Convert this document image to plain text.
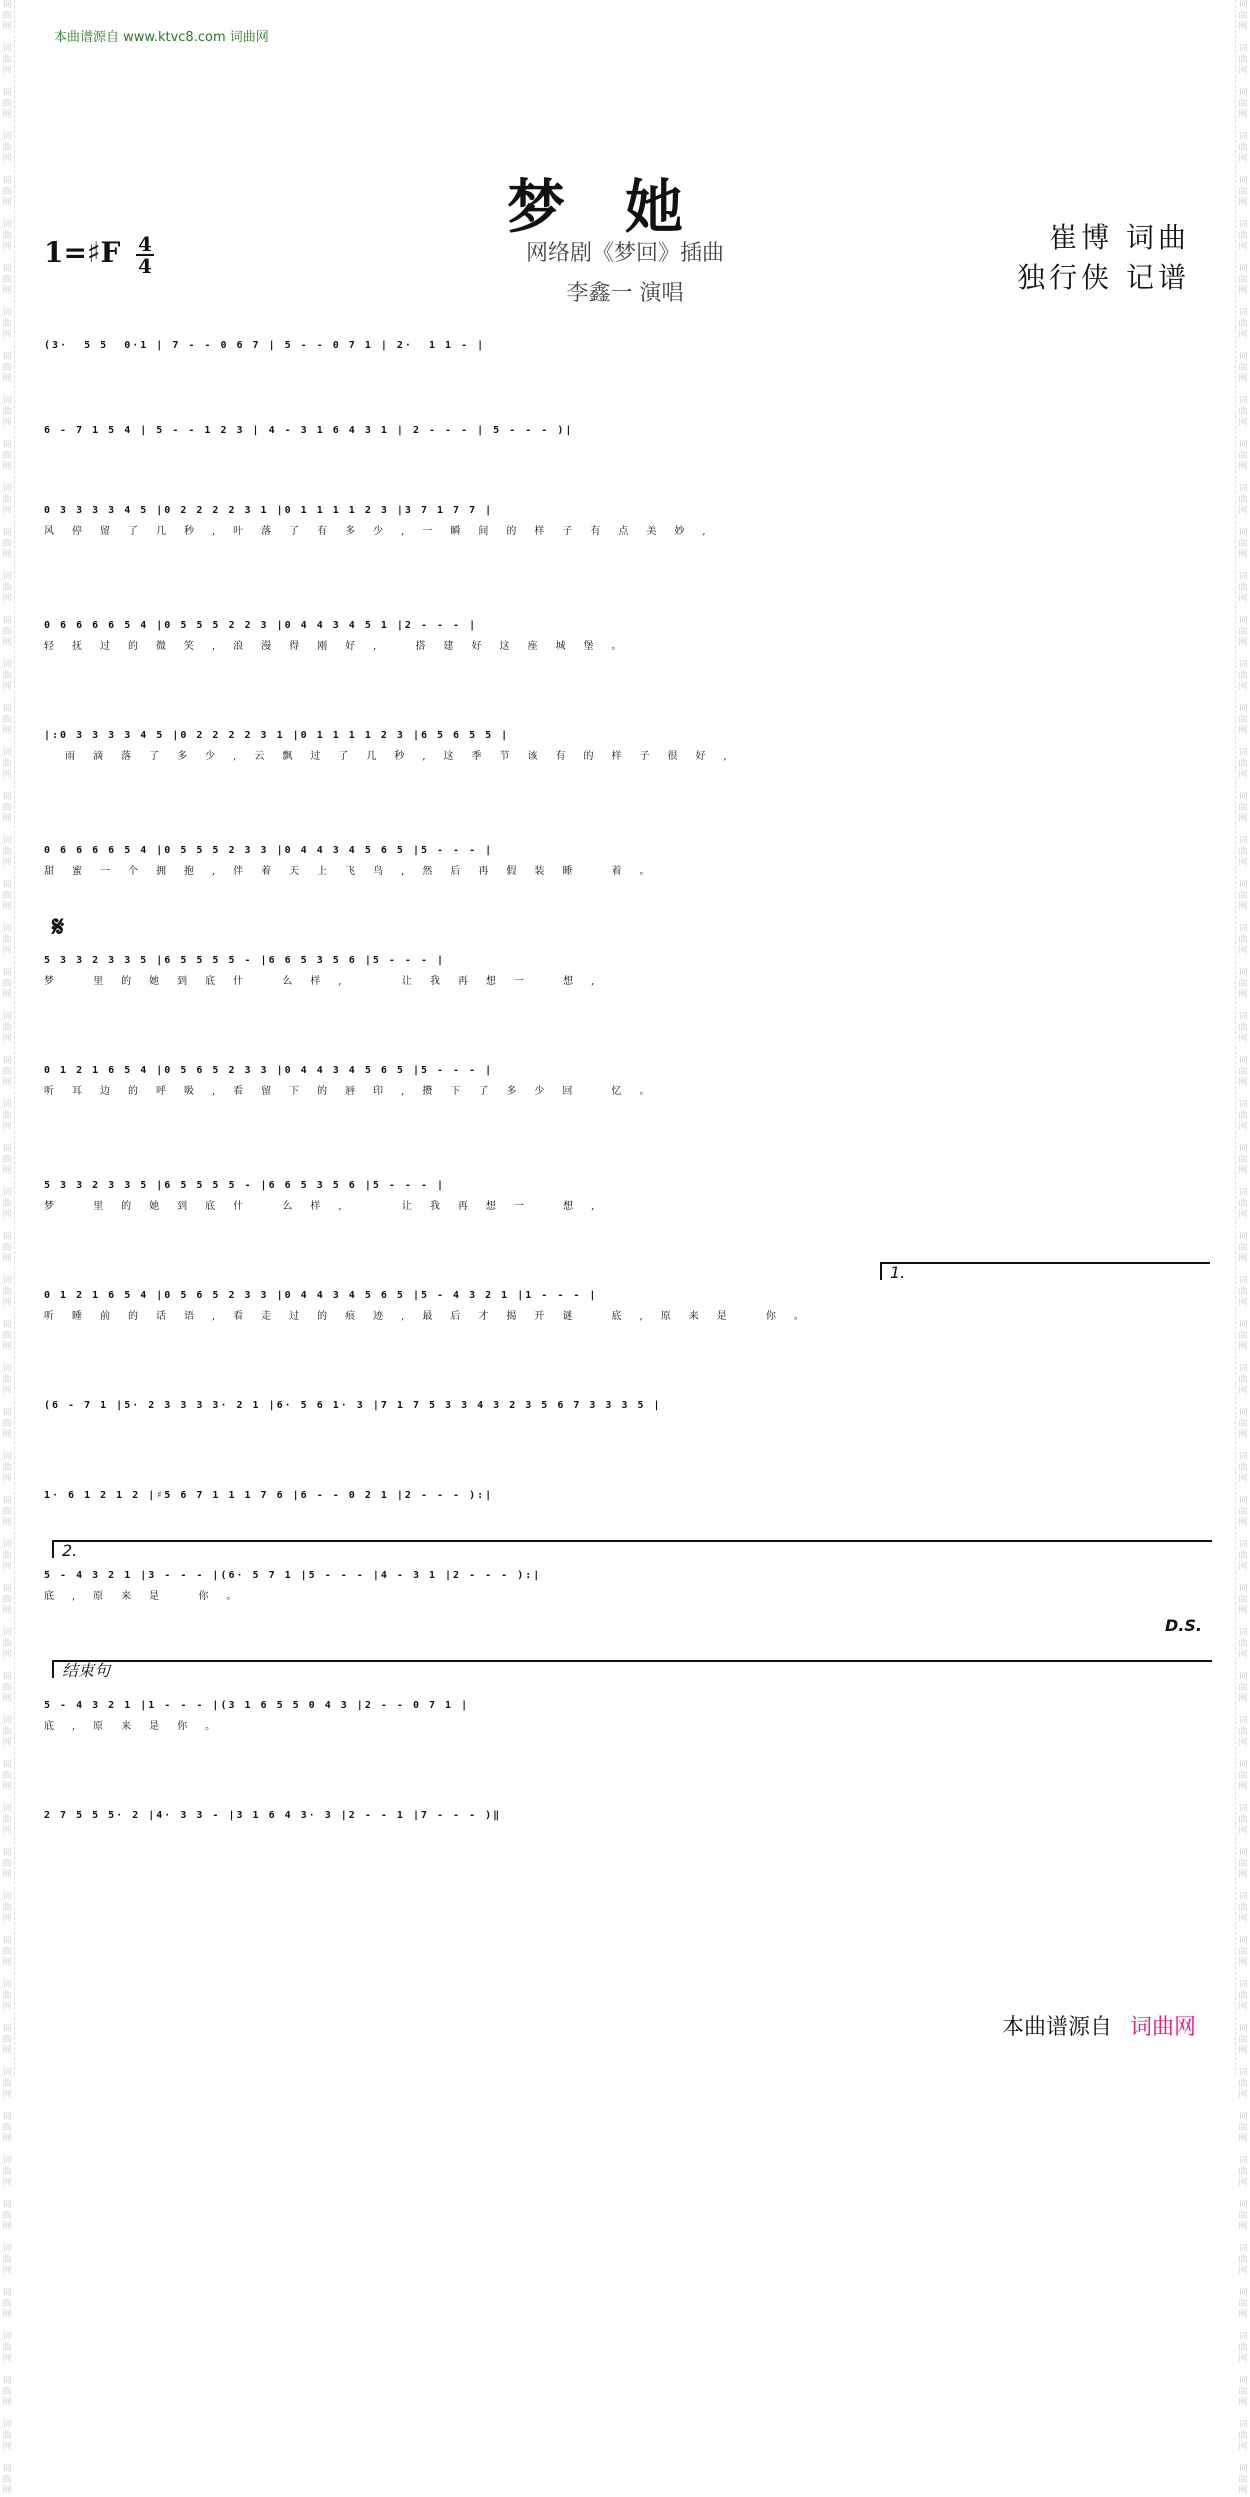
词
曲
网

词
曲
网

词
曲
网

词
曲
网

词
曲
网

词
曲
网

词
曲
网

词
曲
网

词
曲
网

词
曲
网

词
曲
网

词
曲
网

词
曲
网

词
曲
网

词
曲
网

词
曲
网

词
曲
网

词
曲
网

词
曲
网

词
曲
网

词
曲
网

词
曲
网

词
曲
网

词
曲
网

词
曲
网

词
曲
网

词
曲
网

词
曲
网

词
曲
网

词
曲
网

词
曲
网

词
曲
网

词
曲
网

词
曲
网

词
曲
网

词
曲
网

词
曲
网

词
曲
网

词
曲
网

词
曲
网

词
曲
网

词
曲
网

词
曲
网

词
曲
网

词
曲
网

词
曲
网

词
曲
网

词
曲
网

词
曲
网

词
曲
网

词
曲
网

词
曲
网

词
曲
网

词
曲
网

词
曲
网

词
曲
网

词
曲
网
词
曲
网

词
曲
网

词
曲
网

词
曲
网

词
曲
网

词
曲
网

词
曲
网

词
曲
网

词
曲
网

词
曲
网

词
曲
网

词
曲
网

词
曲
网

词
曲
网

词
曲
网

词
曲
网

词
曲
网

词
曲
网

词
曲
网

词
曲
网

词
曲
网

词
曲
网

词
曲
网

词
曲
网

词
曲
网

词
曲
网

词
曲
网

词
曲
网

词
曲
网

词
曲
网

词
曲
网

词
曲
网

词
曲
网

词
曲
网

词
曲
网

词
曲
网

词
曲
网

词
曲
网

词
曲
网

词
曲
网

词
曲
网

词
曲
网

词
曲
网

词
曲
网

词
曲
网

词
曲
网

词
曲
网

词
曲
网

词
曲
网

词
曲
网

词
曲
网

词
曲
网

词
曲
网

词
曲
网

词
曲
网

词
曲
网

词
曲
网
本曲谱源自 www.ktvc8.com 词曲网
梦她
网络剧《梦回》插曲
李鑫一 演唱
崔博 词曲
独行侠 记谱
1=♯F 4
4
(3·  5 5  0·1 | 7 - - 0 6 7 | 5 - - 0 7 1 | 2·  1 1 - |
6 - 7 1 5 4 | 5 - - 1 2 3 | 4 - 3 1 6 4 3 1 | 2 - - - | 5 - - - )|
0 3 3 3 3 4 5 |0 2 2 2 2 3 1 |0 1 1 1 1 2 3 |3 7 1 7 7 |
风停留了几秒,叶落了有多少,一瞬间的样子有点美妙,
0 6 6 6 6 5 4 |0 5 5 5 2 2 3 |0 4 4 3 4 5 1 |2 - - - |
轻抚过的微笑,浪漫得刚好, 搭建好这座城堡。
|:0 3 3 3 3 4 5 |0 2 2 2 2 3 1 |0 1 1 1 1 2 3 |6 5 6 5 5 |
雨滴落了多少,云飘过了几秒,这季节该有的样子很好,
0 6 6 6 6 5 4 |0 5 5 5 2 3 3 |0 4 4 3 4 5 6 5 |5 - - - |
甜蜜一个拥抱,伴着天上飞鸟,然后再假装睡 着。
5 3 3 2 3 3 5 |6 5 5 5 5 - |6 6 5 3 5 6 |5 - - - |
梦 里的她到底什 么样,  让我再想一 想,
0 1 2 1 6 5 4 |0 5 6 5 2 3 3 |0 4 4 3 4 5 6 5 |5 - - - |
听耳边的呼吸,看留下的唇印,攒下了多少回 忆。
5 3 3 2 3 3 5 |6 5 5 5 5 - |6 6 5 3 5 6 |5 - - - |
梦 里的她到底什 么样,  让我再想一 想,
0 1 2 1 6 5 4 |0 5 6 5 2 3 3 |0 4 4 3 4 5 6 5 |5 - 4 3 2 1 |1 - - - |
听睡前的话语,看走过的痕迹,最后才揭开谜 底,原来是 你。
(6 - 7 1 |5· 2 3 3 3 3· 2 1 |6· 5 6 1· 3 |7 1 7 5 3 3 4 3 2 3 5 6 7 3 3 3 5 |
1· 6 1 2 1 2 |♯5 6 7 1 1 1 7 6 |6 - - 0 2 1 |2 - - - ):|
5 - 4 3 2 1 |3 - - - |(6· 5 7 1 |5 - - - |4 - 3 1 |2 - - - ):|
底,原来是 你。
5 - 4 3 2 1 |1 - - - |(3 1 6 5 5 0 4 3 |2 - - 0 7 1 |
底,原来是你。
2 7 5 5 5· 2 |4· 3 3 - |3 1 6 4 3· 3 |2 - - 1 |7 - - - )‖
𝄋
1.
2.
结束句
D.S.
本曲谱源自 词曲网
